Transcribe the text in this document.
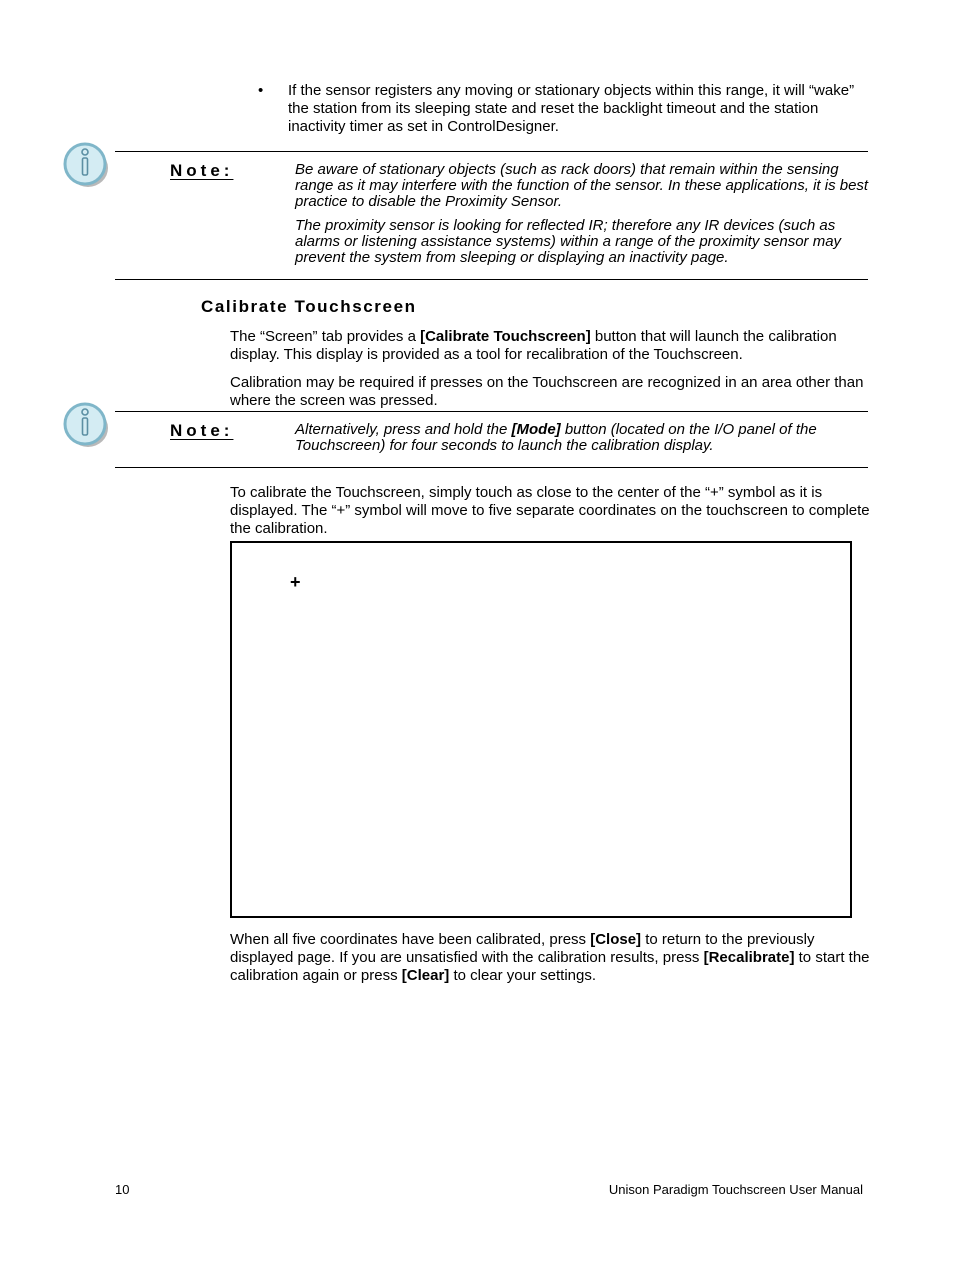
•	If the sensor registers any moving or stationary objects within this range, it will “wake” the station from its sleeping state and reset the backlight timeout and the station inactivity timer as set in ControlDesigner.
Note:	Be aware of stationary objects (such as rack doors) that remain within the sensing range as it may interfere with the function of the sensor. In these applications, it is best practice to disable the Proximity Sensor.

The proximity sensor is looking for reflected IR; therefore any IR devices (such as alarms or listening assistance systems) within a range of the proximity sensor may prevent the system from sleeping or displaying an inactivity page.

Calibrate Touchscreen

The “Screen” tab provides a [Calibrate Touchscreen] button that will launch the calibration display. This display is provided as a tool for recalibration of the Touchscreen.

Calibration may be required if presses on the Touchscreen are recognized in an area other than where the screen was pressed.

Note:	Alternatively, press and hold the [Mode] button (located on the I/O panel of the Touchscreen) for four seconds to launch the calibration display.

To calibrate the Touchscreen, simply touch as close to the center of the “+” symbol as it is displayed. The “+” symbol will move to five separate coordinates on the touchscreen to complete the calibration.
+
When all five coordinates have been calibrated, press [Close] to return to the previously displayed page. If you are unsatisfied with the calibration results, press [Recalibrate] to start the calibration again or press [Clear] to clear your settings.
10	Unison Paradigm Touchscreen User Manual
